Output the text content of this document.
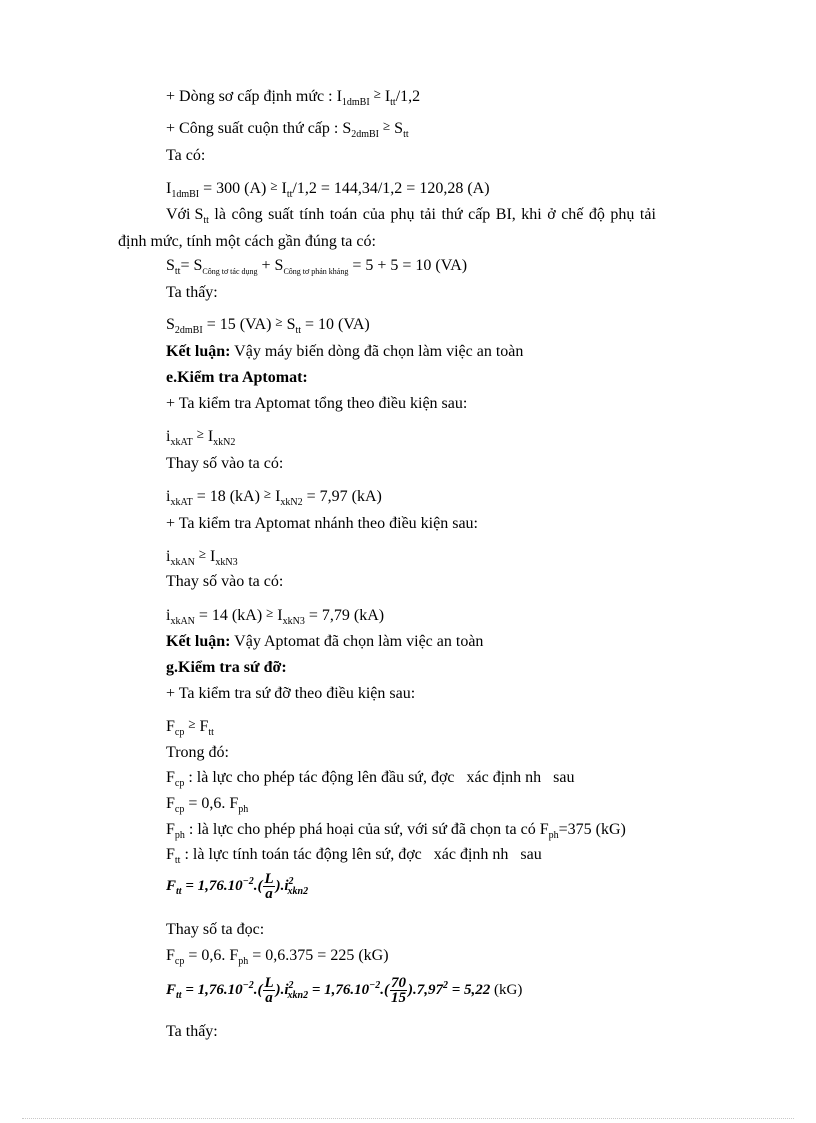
+ Dòng sơ cấp định mức : $I_{1dmBI} \ge I_{tt}/1,2$
+ Công suất cuộn thứ cấp : $S_{2dmBI} \ge S_{tt}$
Ta có:
$I_{1dmBI} = 300$ $(A) \ge I_{tt}/1,2 = 144,34/1,2 = 120,28$ (A)
Với $S_{tt}$ là công suất tính toán của phụ tải thứ cấp BI, khi ở chế độ phụ tải
định mức, tính một cách gần đúng ta có:
$S_{tt}= S_{Công tơ tác dụng} + S_{Công tơ phản kháng} = 5 + 5 = 10$ (VA)
Ta thấy:
$S_{2dmBI} = 15$ $(VA) \ge S_{tt} = 10$ (VA)
Kết luận: Vậy máy biến dòng đã chọn làm việc an toàn
e.Kiểm tra Aptomat:
+ Ta kiểm tra Aptomat tổng theo điều kiện sau:
$i_{xkAT} \ge I_{xkN2}$
Thay số vào ta có:
$i_{xkAT} = 18$ $(kA) \ge I_{xkN2} = 7,97$ (kA)
+ Ta kiểm tra Aptomat nhánh theo điều kiện sau:
$i_{xkAN} \ge I_{xkN3}$
Thay số vào ta có:
$i_{xkAN} = 14$ $(kA) \ge I_{xkN3} = 7,79$ (kA)
Kết luận: Vậy Aptomat đã chọn làm việc an toàn
g.Kiểm tra sứ đỡ:
+ Ta kiểm tra sứ đỡ theo điều kiện sau:
$F_{cp} \ge F_{tt}$
Trong đó:
$F_{cp}$ : là lực cho phép tác động lên đầu sứ, đợc   xác định nh   sau
$F_{cp} = 0,6$. $F_{ph}$
$F_{ph}$ : là lực cho phép phá hoại của sứ, với sứ đã chọn ta có $F_{ph}=375$ (kG)
$F_{tt}$ : là lực tính toán tác động lên sứ, đợc   xác định nh   sau
$F_{tt} = 1,76.10^{-2}.( \frac{L}{a} ).i^2_{xkn2}$
Thay số ta đọc:
$F_{cp} = 0,6$. $F_{ph} = 0,6.375 = 225$ (kG)
$F_{tt} = 1,76.10^{-2}.( \frac{L}{a} ).i^2_{xkn2} = 1,76.10^{-2}.( \frac{70}{15} ).7,97^2 = 5,22$ (kG)
Ta thấy:
